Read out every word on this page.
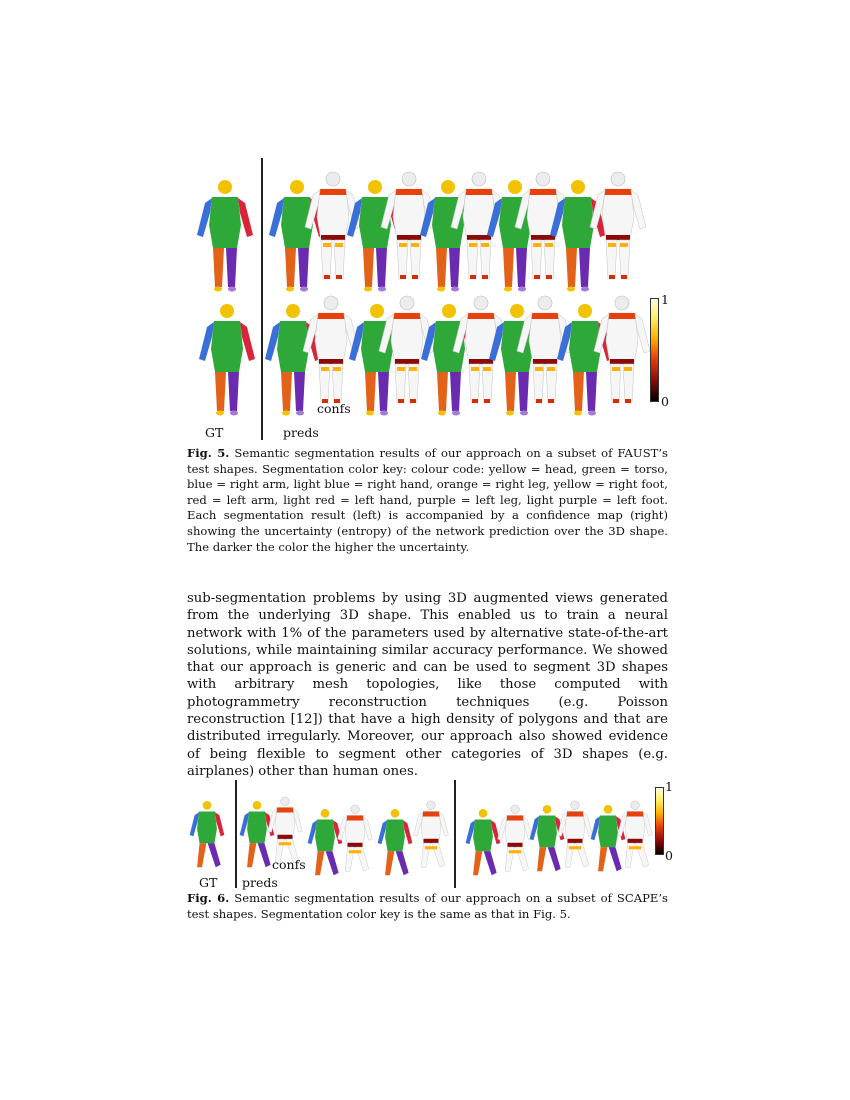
1
0
GT	preds
confs
Fig. 5. Semantic segmentation results of our approach on a subset of FAUST’s test shapes. Segmentation color key: colour code: yellow = head, green = torso, blue = right arm, light blue = right hand, orange = right leg, yellow = right foot, red = left arm, light red = left hand, purple = left leg, light purple = left foot. Each segmentation result (left) is accompanied by a confidence map (right) showing the uncertainty (entropy) of the network prediction over the 3D shape. The darker the color the higher the uncertainty.
sub-segmentation problems by using 3D augmented views generated from the underlying 3D shape. This enabled us to train a neural network with 1% of the parameters used by alternative state-of-the-art solutions, while maintaining similar accuracy performance. We showed that our approach is generic and can be used to segment 3D shapes with arbitrary mesh topologies, like those computed with photogrammetry reconstruction techniques (e.g. Poisson reconstruction [12]) that have a high density of polygons and that are distributed irregularly. Moreover, our approach also showed evidence of being flexible to segment other categories of 3D shapes (e.g. airplanes) other than human ones.
1
0
GT preds
confs
Fig. 6. Semantic segmentation results of our approach on a subset of SCAPE’s test shapes. Segmentation color key is the same as that in Fig. 5.
